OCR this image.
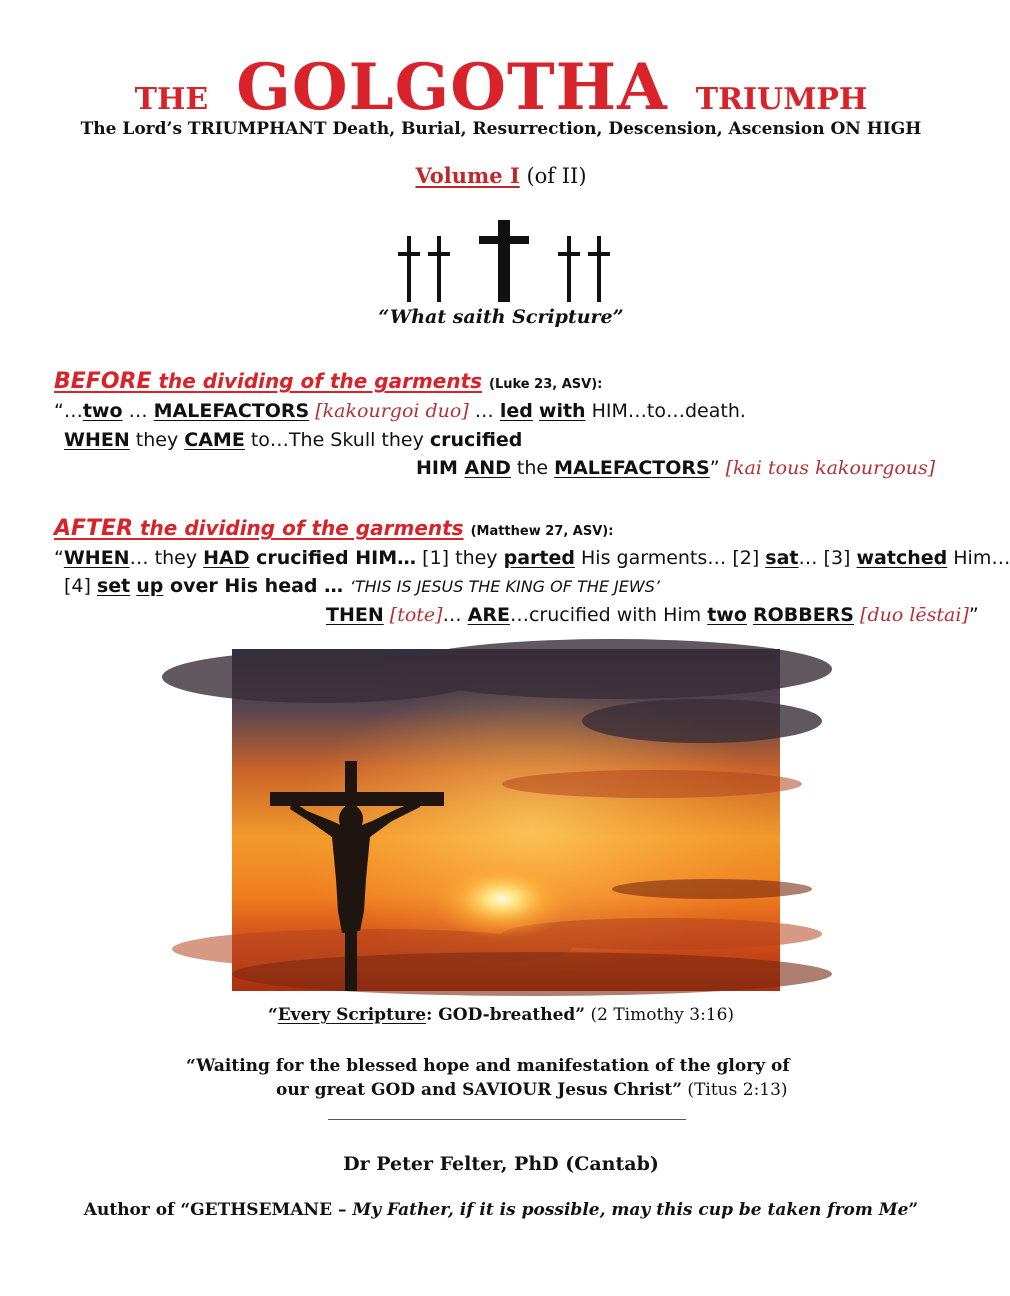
THE GOLGOTHA TRIUMPH
The Lord’s TRIUMPHANT Death, Burial, Resurrection, Descension, Ascension ON HIGH
Volume I (of II)
“What saith Scripture”
BEFORE the dividing of the garments (Luke 23, ASV):
“…two … MALEFACTORS [kakourgoi duo] … led with HIM…to…death.
WHEN they CAME to…The Skull they crucified
HIM AND the MALEFACTORS” [kai tous kakourgous]
AFTER the dividing of the garments (Matthew 27, ASV):
“WHEN… they HAD crucified HIM… [1] they parted His garments… [2] sat… [3] watched Him…
[4] set up over His head … ‘THIS IS JESUS THE KING OF THE JEWS’
THEN [tote]… ARE…crucified with Him two ROBBERS [duo lēstai]”
“Every Scripture: GOD-breathed” (2 Timothy 3:16)
“Waiting for the blessed hope and manifestation of the glory of
our great GOD and SAVIOUR Jesus Christ” (Titus 2:13)
Dr Peter Felter, PhD (Cantab)
Author of “GETHSEMANE – My Father, if it is possible, may this cup be taken from Me”
